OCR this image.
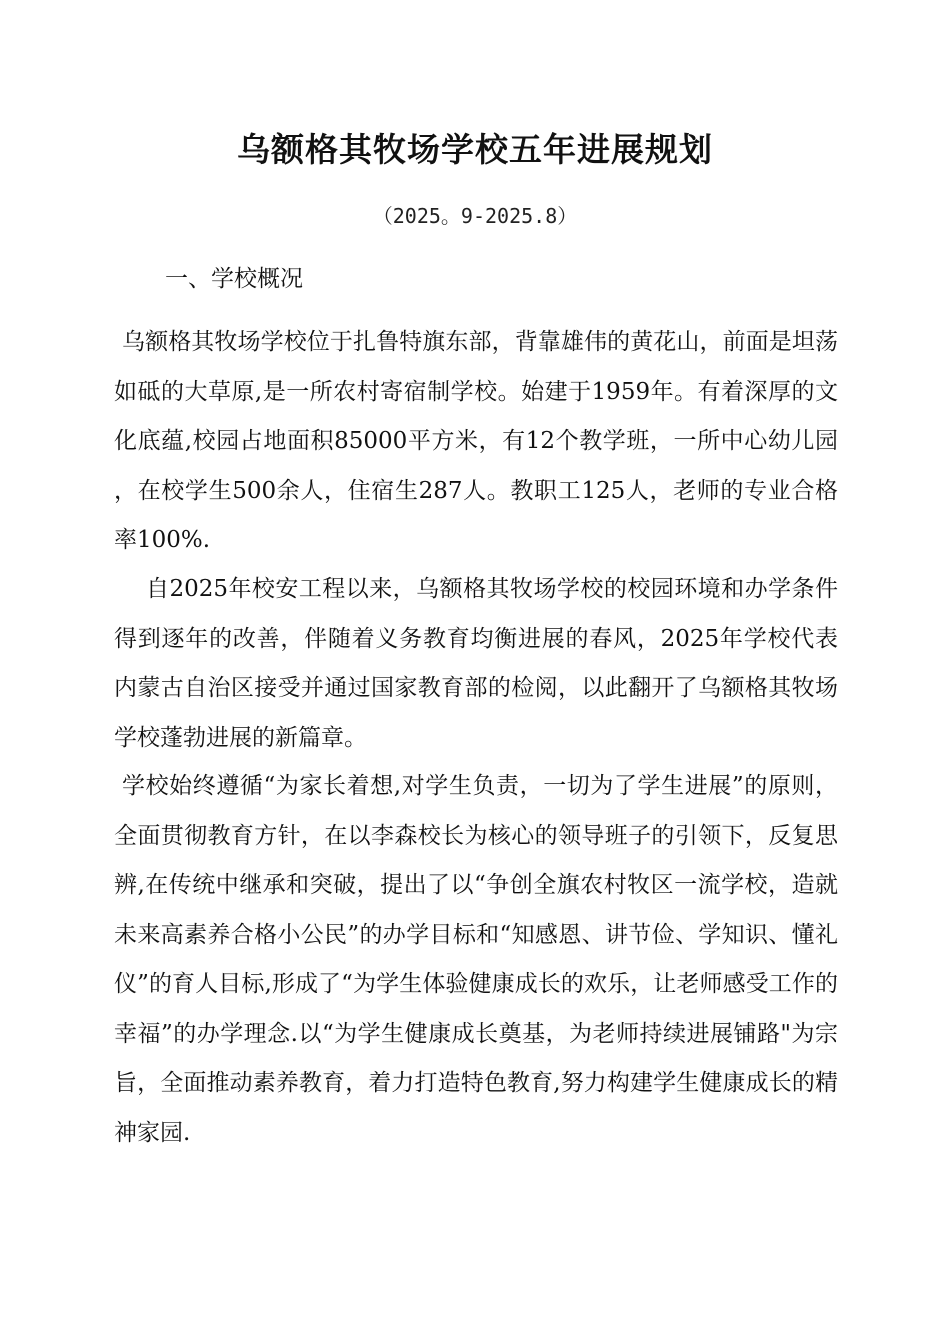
乌额格其牧场学校五年进展规划
（2025。9-2025.8）
一、学校概况

乌额格其牧场学校位于扎鲁特旗东部，背靠雄伟的黄花山，前面是坦荡如砥的大草原,是一所农村寄宿制学校。始建于1959年。有着深厚的文化底蕴,校园占地面积85000平方米，有12个教学班，一所中心幼儿园，在校学生500余人，住宿生287人。教职工125人，老师的专业合格率100%.

自2025年校安工程以来，乌额格其牧场学校的校园环境和办学条件得到逐年的改善，伴随着义务教育均衡进展的春风，2025年学校代表内蒙古自治区接受并通过国家教育部的检阅，以此翻开了乌额格其牧场学校蓬勃进展的新篇章。

学校始终遵循“为家长着想,对学生负责，一切为了学生进展”的原则，全面贯彻教育方针，在以李森校长为核心的领导班子的引领下，反复思辨,在传统中继承和突破，提出了以“争创全旗农村牧区一流学校，造就未来高素养合格小公民”的办学目标和“知感恩、讲节俭、学知识、懂礼仪”的育人目标,形成了“为学生体验健康成长的欢乐，让老师感受工作的幸福”的办学理念.以“为学生健康成长奠基，为老师持续进展铺路"为宗旨，全面推动素养教育，着力打造特色教育,努力构建学生健康成长的精神家园.
